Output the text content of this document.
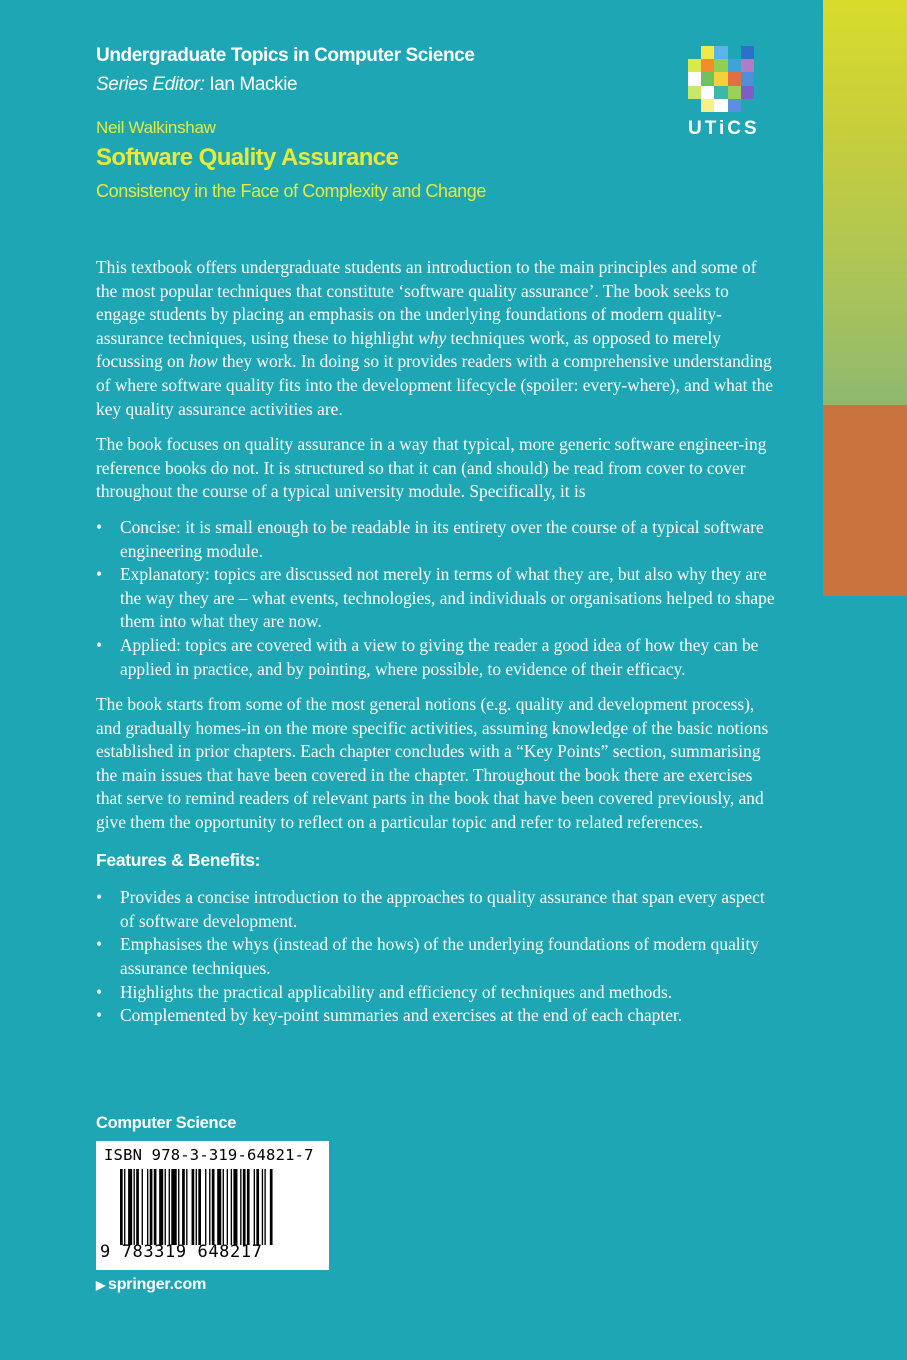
Undergraduate Topics in Computer Science
Series Editor: Ian Mackie
UTiCS
Neil Walkinshaw
Software Quality Assurance
Consistency in the Face of Complexity and Change

This textbook offers undergraduate students an introduction to the main principles and some of the most popular techniques that constitute ‘software quality assurance’. The book seeks to engage students by placing an emphasis on the underlying foundations of modern quality-assurance techniques, using these to highlight why techniques work, as opposed to merely focussing on how they work. In doing so it provides readers with a comprehensive understanding of where software quality fits into the development lifecycle (spoiler: every-where), and what the key quality assurance activities are.

The book focuses on quality assurance in a way that typical, more generic software engineer-ing reference books do not. It is structured so that it can (and should) be read from cover to cover throughout the course of a typical university module. Specifically, it is

• Concise: it is small enough to be readable in its entirety over the course of a typical software engineering module.
• Explanatory: topics are discussed not merely in terms of what they are, but also why they are the way they are – what events, technologies, and individuals or organisations helped to shape them into what they are now.
• Applied: topics are covered with a view to giving the reader a good idea of how they can be applied in practice, and by pointing, where possible, to evidence of their efficacy.

The book starts from some of the most general notions (e.g. quality and development process), and gradually homes-in on the more specific activities, assuming knowledge of the basic notions established in prior chapters. Each chapter concludes with a “Key Points” section, summarising the main issues that have been covered in the chapter. Throughout the book there are exercises that serve to remind readers of relevant parts in the book that have been covered previously, and give them the opportunity to reflect on a particular topic and refer to related references.

Features & Benefits:
• Provides a concise introduction to the approaches to quality assurance that span every aspect of software development.
• Emphasises the whys (instead of the hows) of the underlying foundations of modern quality assurance techniques.
• Highlights the practical applicability and efficiency of techniques and methods.
• Complemented by key-point summaries and exercises at the end of each chapter.
Computer Science
ISBN 978-3-319-64821-7
9 783319 648217
▶ springer.com
